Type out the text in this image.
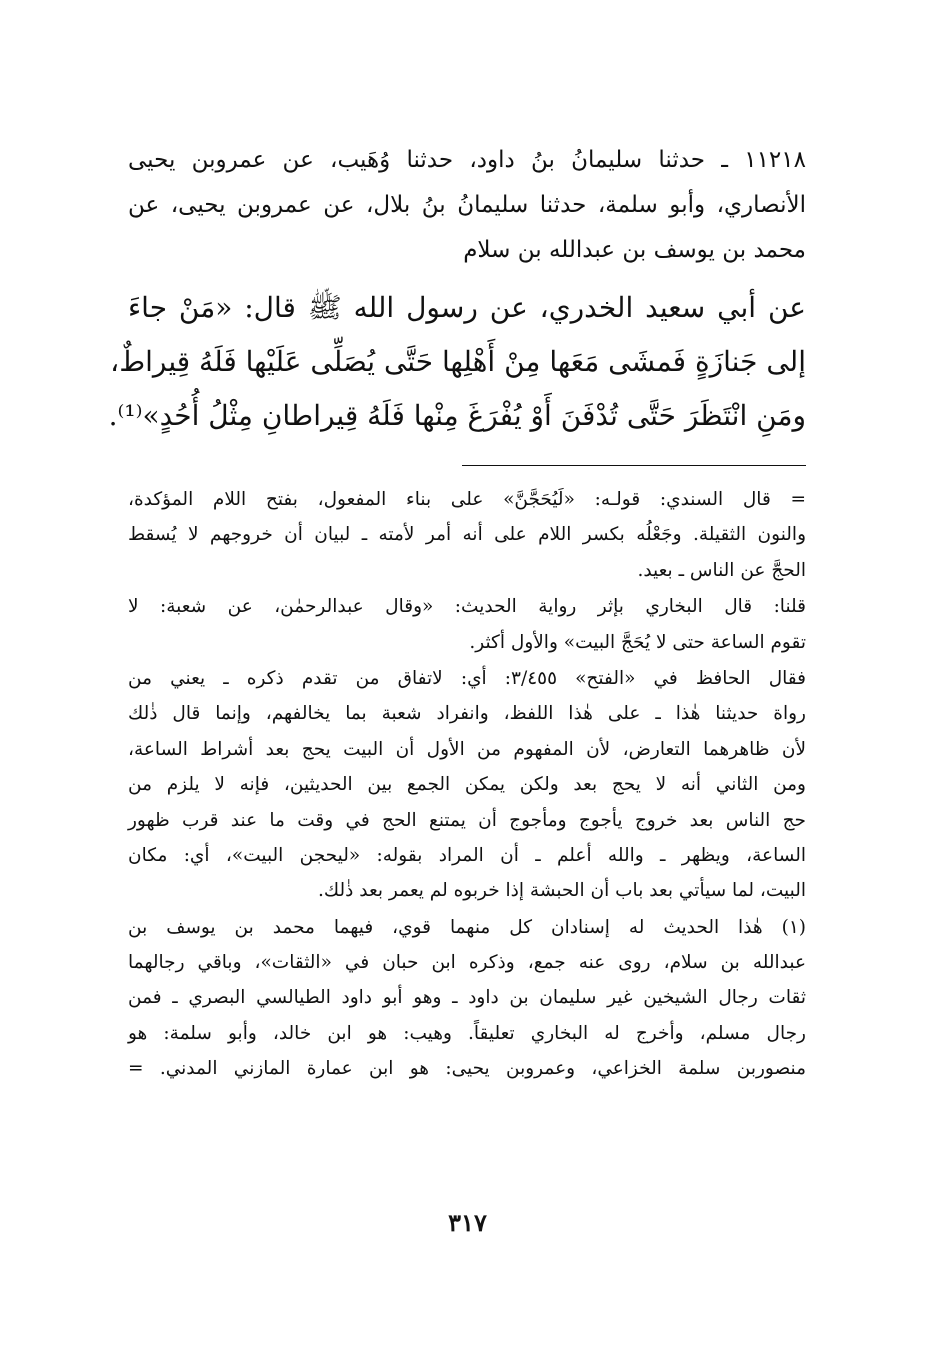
١١٢١٨ ـ حدثنا سليمانُ بنُ داود، حدثنا وُهَيب، عن عمروبن يحيى
الأنصاري، وأبو سلمة، حدثنا سليمانُ بنُ بلال، عن عمروبن يحيى، عن
محمد بن يوسف بن عبدالله بن سلام
عن أبي سعيد الخدري، عن رسول الله ﷺ قال: «مَنْ جاءَ
إلى جَنازَةٍ فَمشَى مَعَها مِنْ أَهْلِها حَتَّى يُصَلِّى عَلَيْها فَلَهُ قِيراطٌ،
ومَنِ انْتَظَرَ حَتَّى تُدْفَنَ أَوْ يُفْرَغَ مِنْها فَلَهُ قِيراطانِ مِثْلُ أُحُدٍ»⁽¹⁾.
= قال السندي: قولـه: «لَيُحَجَّنَّ» على بناء المفعول، بفتح اللام المؤكدة،
والنون الثقيلة. وجَعْلُه بكسر اللام على أنه أمر لأمته ـ لبيان أن خروجهم لا يُسقط
الحجَّ عن الناس ـ بعيد.
قلنا: قال البخاري بإثر رواية الحديث: «وقال عبدالرحمٰن، عن شعبة: لا
تقوم الساعة حتى لا يُحَجَّ البيت» والأول أكثر.
فقال الحافظ في «الفتح» ٣/٤٥٥: أي: لاتفاق من تقدم ذكره ـ يعني من
رواة حديثنا هٰذا ـ على هٰذا اللفظ، وانفراد شعبة بما يخالفهم، وإنما قال ذٰلك
لأن ظاهرهما التعارض، لأن المفهوم من الأول أن البيت يحج بعد أشراط الساعة،
ومن الثاني أنه لا يحج بعد ولكن يمكن الجمع بين الحديثين، فإنه لا يلزم من
حج الناس بعد خروج يأجوج ومأجوج أن يمتنع الحج في وقت ما عند قرب ظهور
الساعة، ويظهر ـ والله أعلم ـ أن المراد بقوله: «ليحجن البيت»، أي: مكان
البيت، لما سيأتي بعد باب أن الحبشة إذا خربوه لم يعمر بعد ذٰلك.
(١) هٰذا الحديث له إسنادان كل منهما قوي، فيهما محمد بن يوسف بن
عبدالله بن سلام، روى عنه جمع، وذكره ابن حبان في «الثقات»، وباقي رجالهما
ثقات رجال الشيخين غير سليمان بن داود ـ وهو أبو داود الطيالسي البصري ـ فمن
رجال مسلم، وأخرج له البخاري تعليقاً. وهيب: هو ابن خالد، وأبو سلمة: هو
منصوربن سلمة الخزاعي، وعمروبن يحيى: هو ابن عمارة المازني المدني. =
٣١٧
